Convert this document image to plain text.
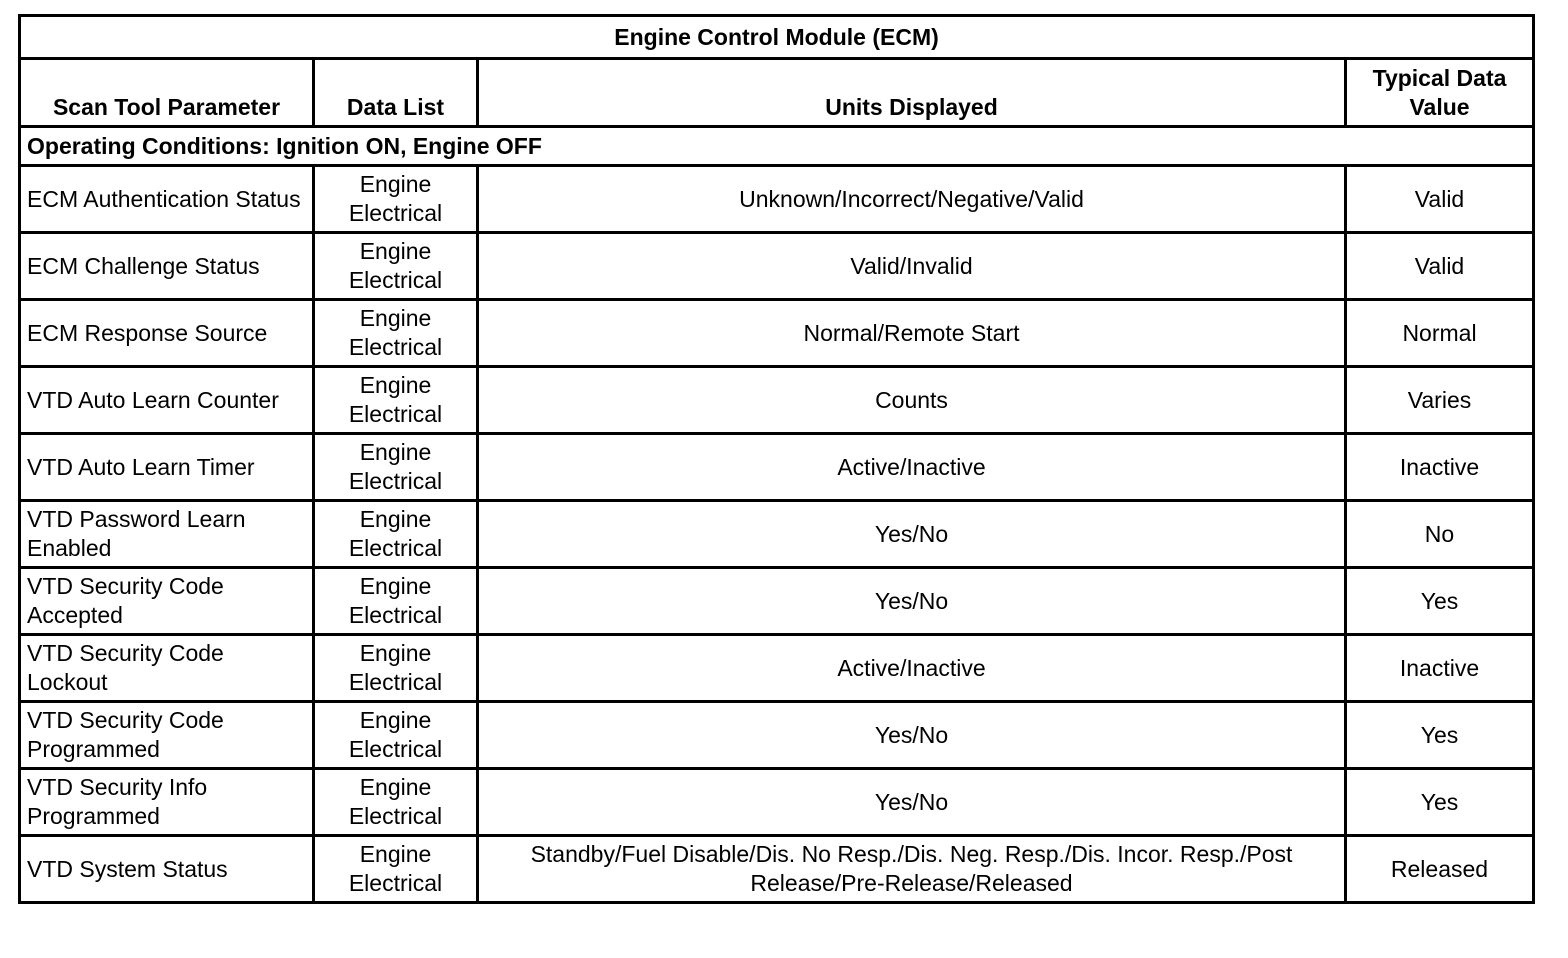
Engine Control Module (ECM)			
Scan Tool Parameter	Data List	Units Displayed	Typical Data Value
Operating Conditions: Ignition ON, Engine OFF			
ECM Authentication Status	Engine Electrical	Unknown/Incorrect/Negative/Valid	Valid
ECM Challenge Status	Engine Electrical	Valid/Invalid	Valid
ECM Response Source	Engine Electrical	Normal/Remote Start	Normal
VTD Auto Learn Counter	Engine Electrical	Counts	Varies
VTD Auto Learn Timer	Engine Electrical	Active/Inactive	Inactive
VTD Password Learn Enabled	Engine Electrical	Yes/No	No
VTD Security Code Accepted	Engine Electrical	Yes/No	Yes
VTD Security Code Lockout	Engine Electrical	Active/Inactive	Inactive
VTD Security Code Programmed	Engine Electrical	Yes/No	Yes
VTD Security Info Programmed	Engine Electrical	Yes/No	Yes
VTD System Status	Engine Electrical	Standby/Fuel Disable/Dis. No Resp./Dis. Neg. Resp./Dis. Incor. Resp./Post Release/Pre-Release/Released	Released
